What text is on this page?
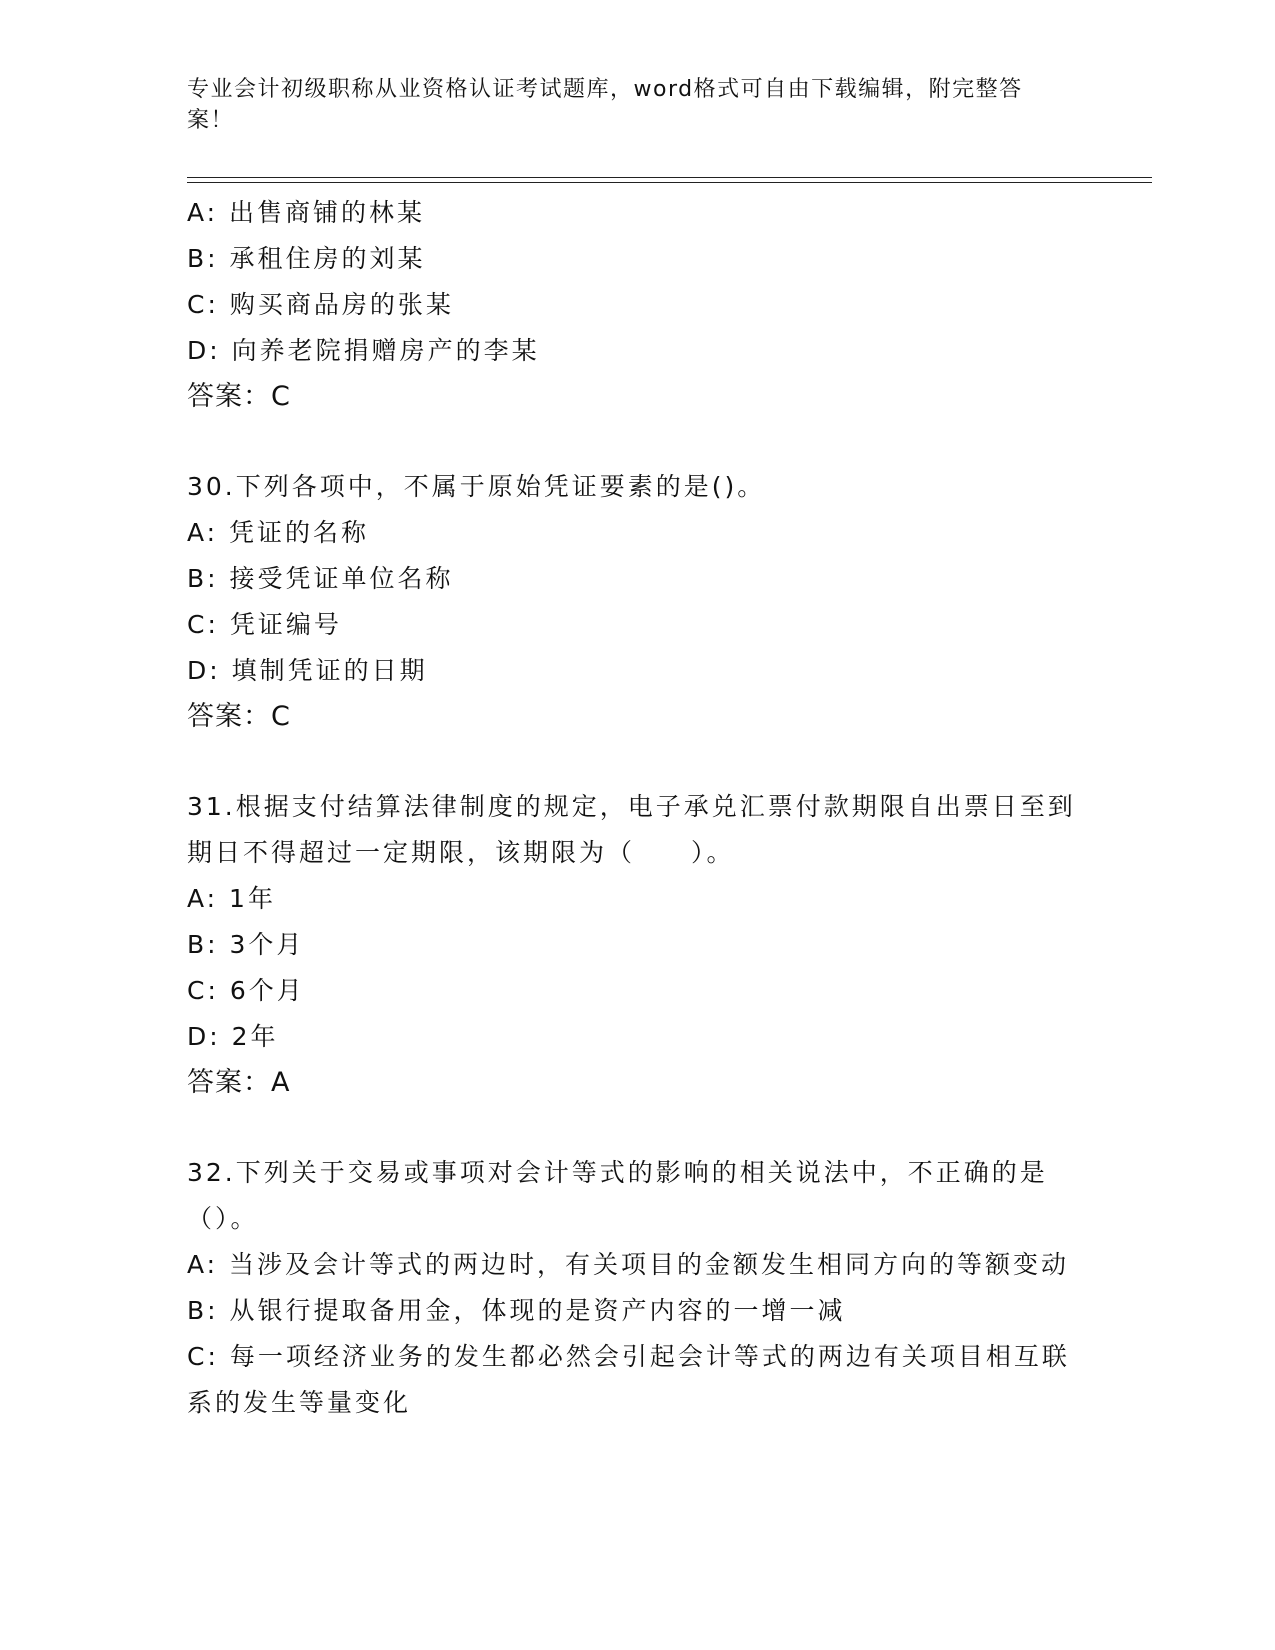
专业会计初级职称从业资格认证考试题库，word格式可自由下载编辑，附完整答案！

A: 出售商铺的林某

B: 承租住房的刘某

C: 购买商品房的张某

D: 向养老院捐赠房产的李某

答案：C

30.下列各项中，不属于原始凭证要素的是()。

A: 凭证的名称

B: 接受凭证单位名称

C: 凭证编号

D: 填制凭证的日期

答案：C

31.根据支付结算法律制度的规定，电子承兑汇票付款期限自出票日至到期日不得超过一定期限，该期限为（　　）。

A: 1年

B: 3个月

C: 6个月

D: 2年

答案：A

32.下列关于交易或事项对会计等式的影响的相关说法中，不正确的是（）。

A: 当涉及会计等式的两边时，有关项目的金额发生相同方向的等额变动

B: 从银行提取备用金，体现的是资产内容的一增一减

C: 每一项经济业务的发生都必然会引起会计等式的两边有关项目相互联系的发生等量变化
